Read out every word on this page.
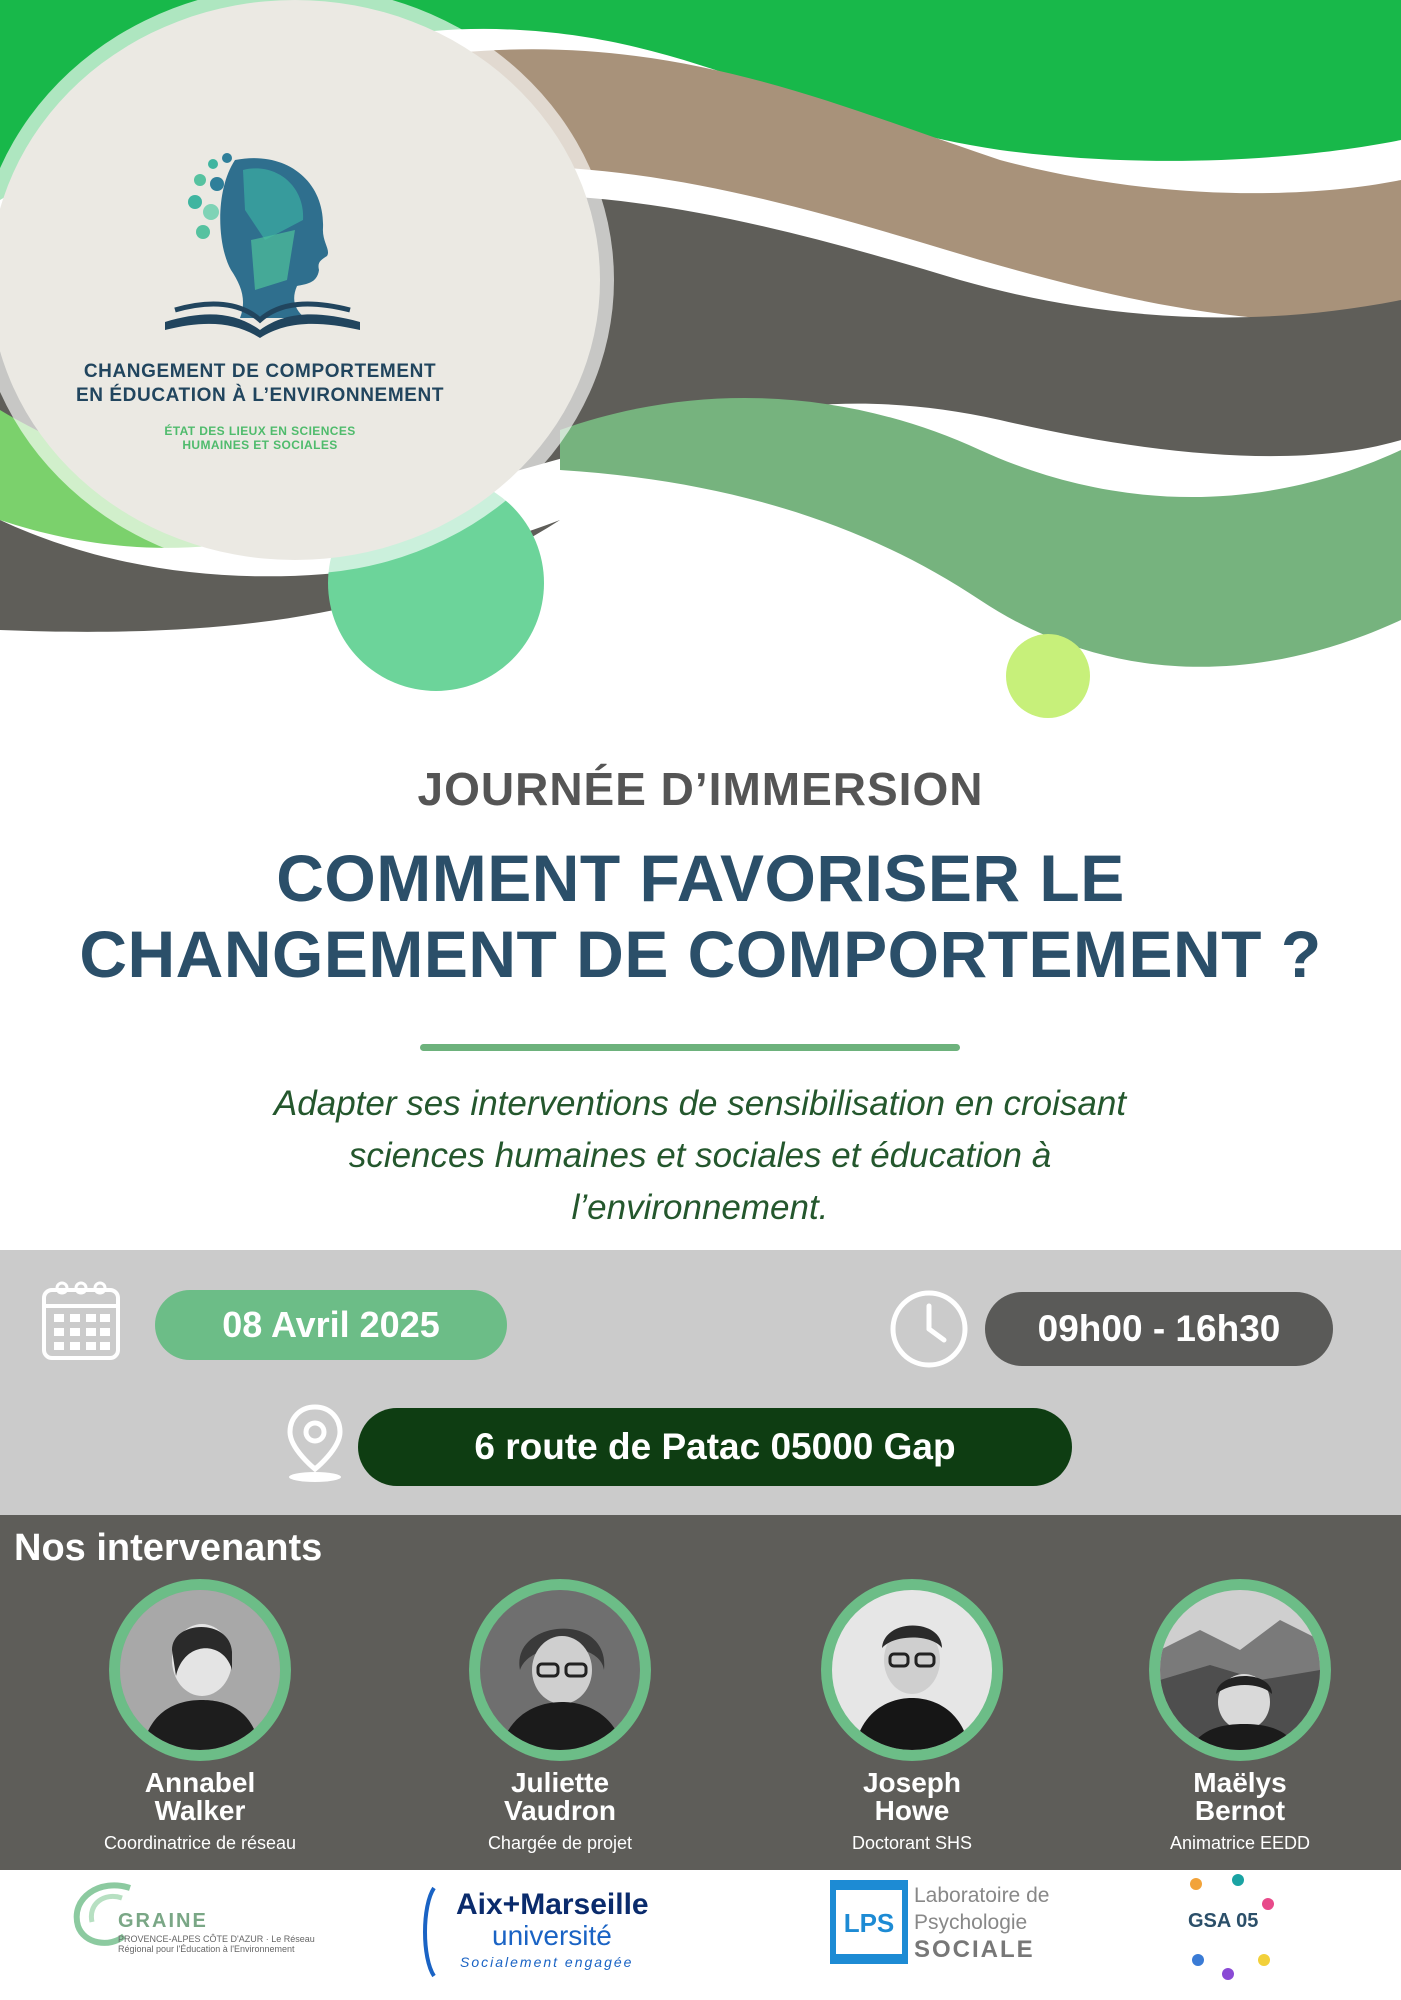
CHANGEMENT DE COMPORTEMENT
EN ÉDUCATION À L’ENVIRONNEMENT
ÉTAT DES LIEUX EN SCIENCES
HUMAINES ET SOCIALES
JOURNÉE D’IMMERSION
COMMENT FAVORISER LE
CHANGEMENT DE COMPORTEMENT ?
Adapter ses interventions de sensibilisation en croisant
sciences humaines et sociales et éducation à
l’environnement.
08 Avril 2025	09h00 - 16h30
6 route de Patac 05000 Gap
Nos intervenants
Annabel
Walker
Coordinatrice de réseau
Juliette
Vaudron
Chargée de projet
Joseph
Howe
Doctorant SHS
Maëlys
Bernot
Animatrice EEDD
GRAINE
PROVENCE-ALPES CÔTE D'AZUR · Le Réseau Régional pour l'Éducation à l'Environnement
Aix+Marseille
université
Socialement engagée
LPS
Laboratoire de
Psychologie
SOCIALE
GSA 05
